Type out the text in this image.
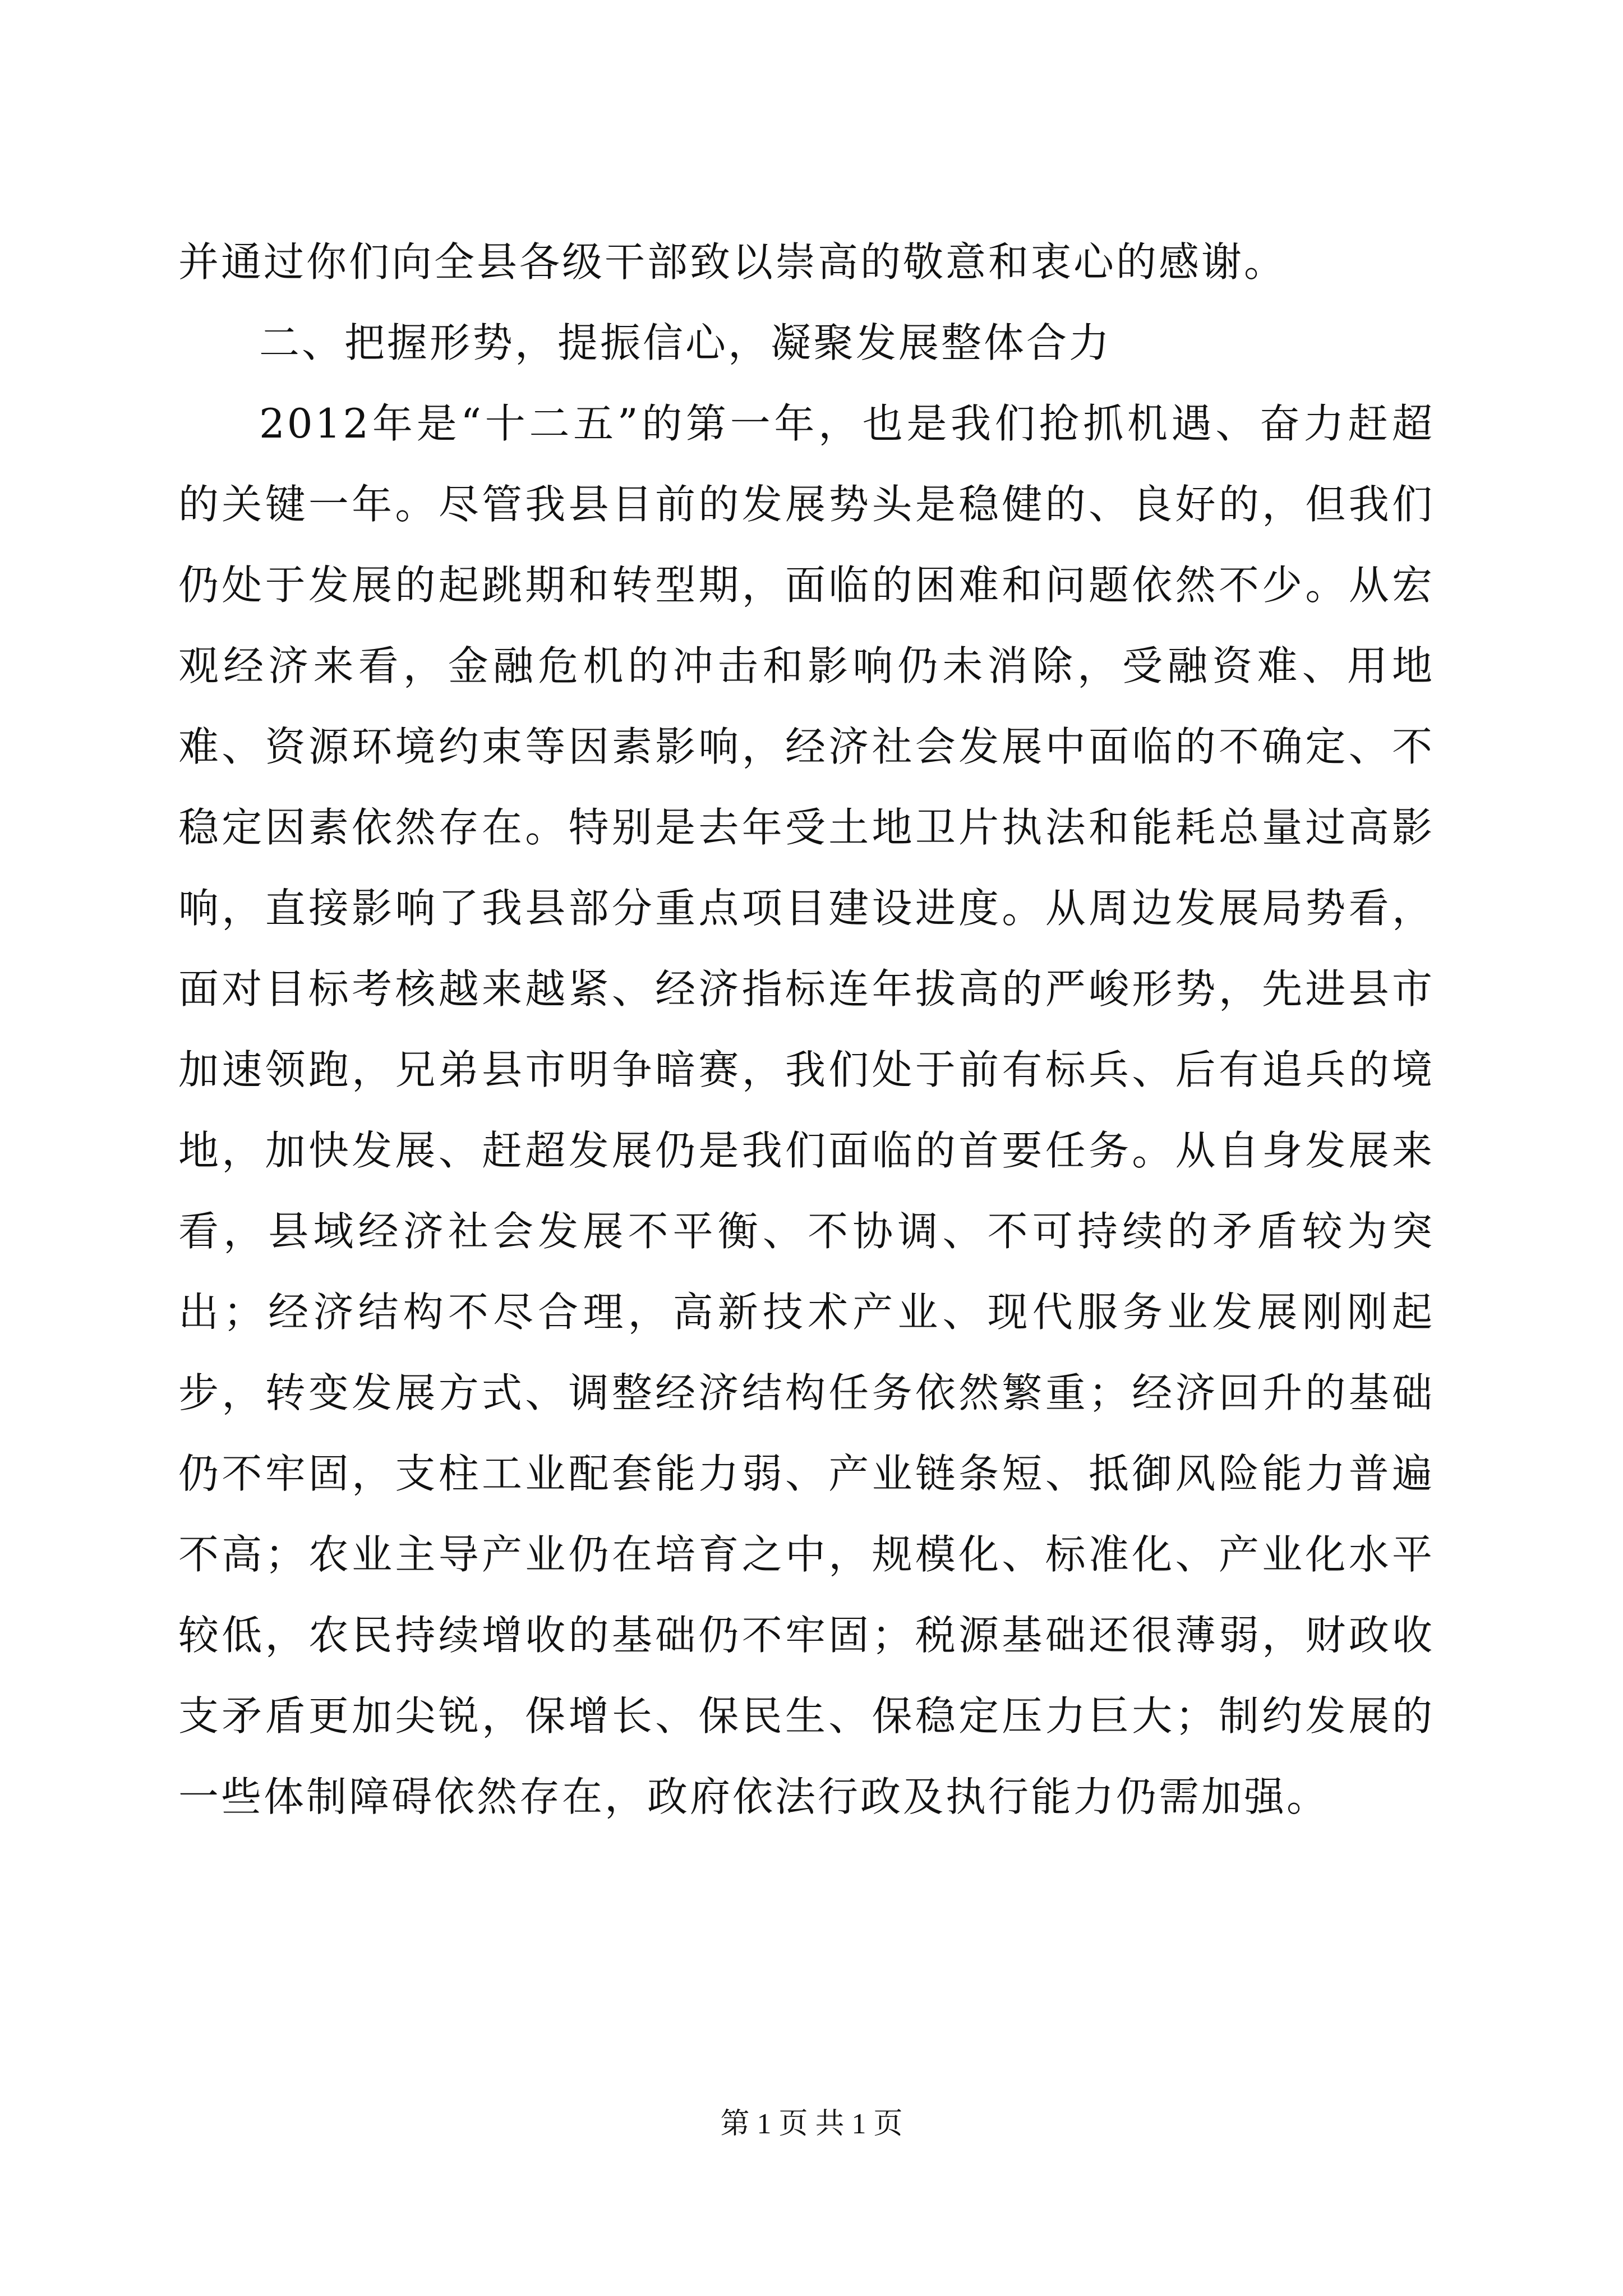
并通过你们向全县各级干部致以崇高的敬意和衷心的感谢。

二、把握形势，提振信心，凝聚发展整体合力

2012年是“十二五”的第一年，也是我们抢抓机遇、奋力赶超的关键一年。尽管我县目前的发展势头是稳健的、良好的，但我们仍处于发展的起跳期和转型期，面临的困难和问题依然不少。从宏观经济来看，金融危机的冲击和影响仍未消除，受融资难、用地难、资源环境约束等因素影响，经济社会发展中面临的不确定、不稳定因素依然存在。特别是去年受土地卫片执法和能耗总量过高影响，直接影响了我县部分重点项目建设进度。从周边发展局势看，面对目标考核越来越紧、经济指标连年拔高的严峻形势，先进县市加速领跑，兄弟县市明争暗赛，我们处于前有标兵、后有追兵的境地，加快发展、赶超发展仍是我们面临的首要任务。从自身发展来看，县域经济社会发展不平衡、不协调、不可持续的矛盾较为突出；经济结构不尽合理，高新技术产业、现代服务业发展刚刚起步，转变发展方式、调整经济结构任务依然繁重；经济回升的基础仍不牢固，支柱工业配套能力弱、产业链条短、抵御风险能力普遍不高；农业主导产业仍在培育之中，规模化、标准化、产业化水平较低，农民持续增收的基础仍不牢固；税源基础还很薄弱，财政收支矛盾更加尖锐，保增长、保民生、保稳定压力巨大；制约发展的一些体制障碍依然存在，政府依法行政及执行能力仍需加强。

第 1 页 共 1 页
